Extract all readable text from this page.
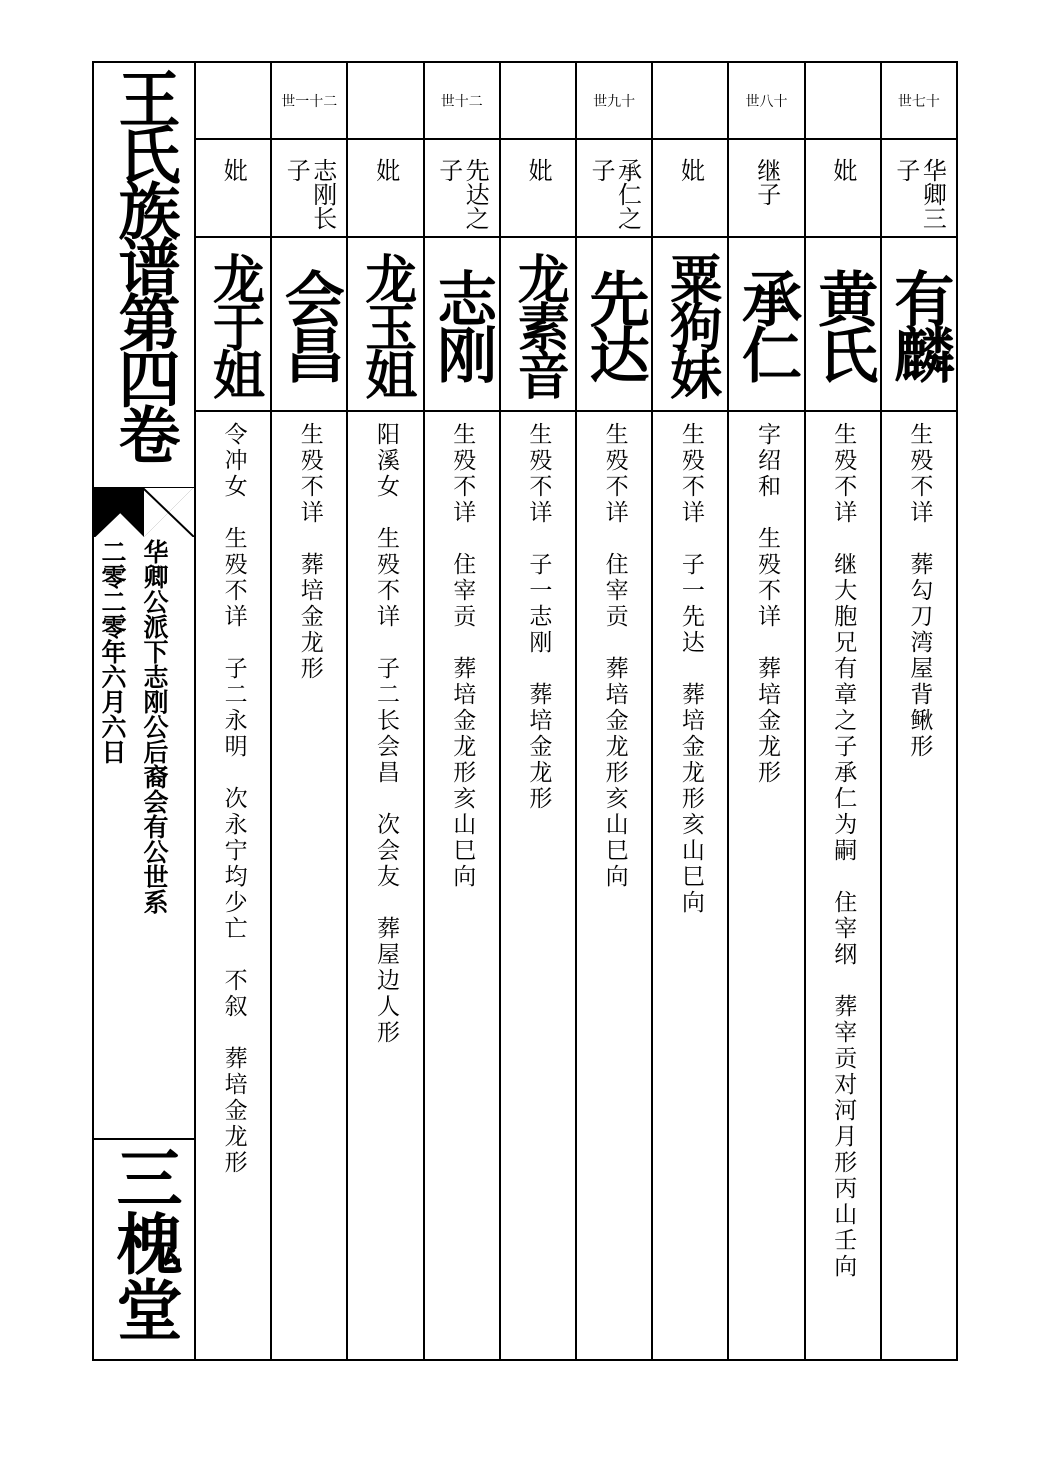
王氏族谱第四卷
华卿公派下志刚公后裔会有公世系
二零二零年六月六日
三槐堂
妣
龙于姐
令冲女　生殁不详　子二永明　次永宁均少亡　不叙　葬培金龙形
世一十二
志刚长子
会昌
生殁不详　葬培金龙形
妣
龙玉姐
阳溪女　生殁不详　子二长会昌　次会友　葬屋边人形
世十二
先达之子
志刚
生殁不详　住宰贡　葬培金龙形亥山巳向
妣
龙素音
生殁不详　子一志刚　葬培金龙形
世九十
承仁之子
先达
生殁不详　住宰贡　葬培金龙形亥山巳向
妣
粟狗妹
生殁不详　子一先达　葬培金龙形亥山巳向
世八十
继子
承仁
字绍和　生殁不详　葬培金龙形
妣
黄氏
生殁不详　继大胞兄有章之子承仁为嗣　住宰纲　葬宰贡对河月形丙山壬向
世七十
华卿三子
有麟
生殁不详　葬勾刀湾屋背鳅形
